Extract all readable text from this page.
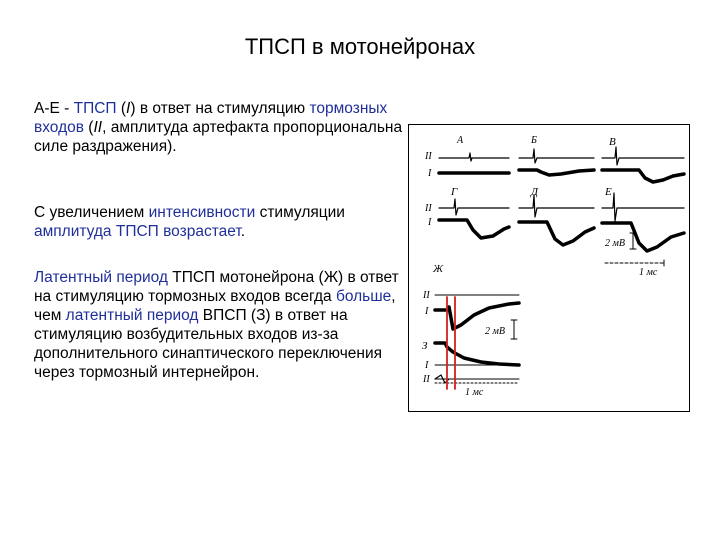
ТПСП в мотонейронах
А-Е - ТПСП (I) в ответ на стимуляцию тормозных входов (II, амплитуда артефакта пропорциональна силе раздражения).
С увеличением интенсивности стимуляции амплитуда ТПСП возрастает.
Латентный период ТПСП мотонейрона (Ж) в ответ на стимуляцию тормозных входов всегда больше, чем латентный период ВПСП (З) в ответ на стимуляцию возбудительных входов из-за дополнительного синаптического переключения через тормозный интернейрон.
А	Б	В
II
I
Г	Д	Е
II
I
2 мВ
1 мс
Ж
II
I
2 мВ
З
I
II
1 мс
